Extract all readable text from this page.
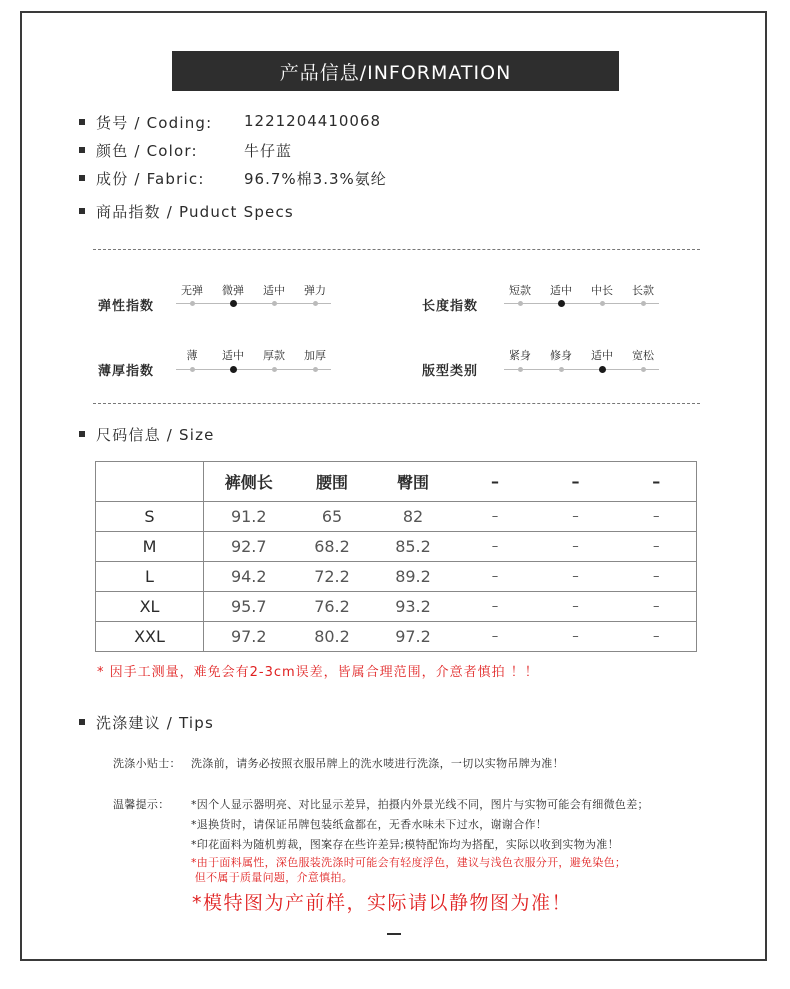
产品信息/INFORMATION
货号 / Coding: 1221204410068
颜色 / Color:	牛仔蓝
成份 / Fabric:	96.7%棉3.3%氨纶
商品指数 / Puduct Specs
弹性指数
无弹	微弹	适中	弹力
长度指数
短款	适中	中长	长款
薄厚指数
薄	适中	厚款	加厚
版型类别
紧身	修身	适中	宽松
尺码信息 / Size
	裤侧长	腰围	臀围	–	–	–
S	91.2	65	82	–	–	–
M	92.7	68.2	85.2	–	–	–
L	94.2	72.2	89.2	–	–	–
XL	95.7	76.2	93.2	–	–	–
XXL	97.2	80.2	97.2	–	–	–
* 因手工测量，难免会有2-3cm误差，皆属合理范围，介意者慎拍 ！！
洗涤建议 / Tips
洗涤小贴士： 洗涤前，请务必按照衣服吊牌上的洗水唛进行洗涤，一切以实物吊牌为准！
温馨提示： *因个人显示器明亮、对比显示差异，拍摄内外景光线不同，图片与实物可能会有细微色差；
*退换货时，请保证吊牌包装纸盒都在，无香水味未下过水，谢谢合作！
*印花面料为随机剪裁，图案存在些许差异;模特配饰均为搭配，实际以收到实物为准！
*由于面料属性，深色服装洗涤时可能会有轻度浮色，建议与浅色衣服分开，避免染色；
但不属于质量问题，介意慎拍。
*模特图为产前样，实际请以静物图为准！
